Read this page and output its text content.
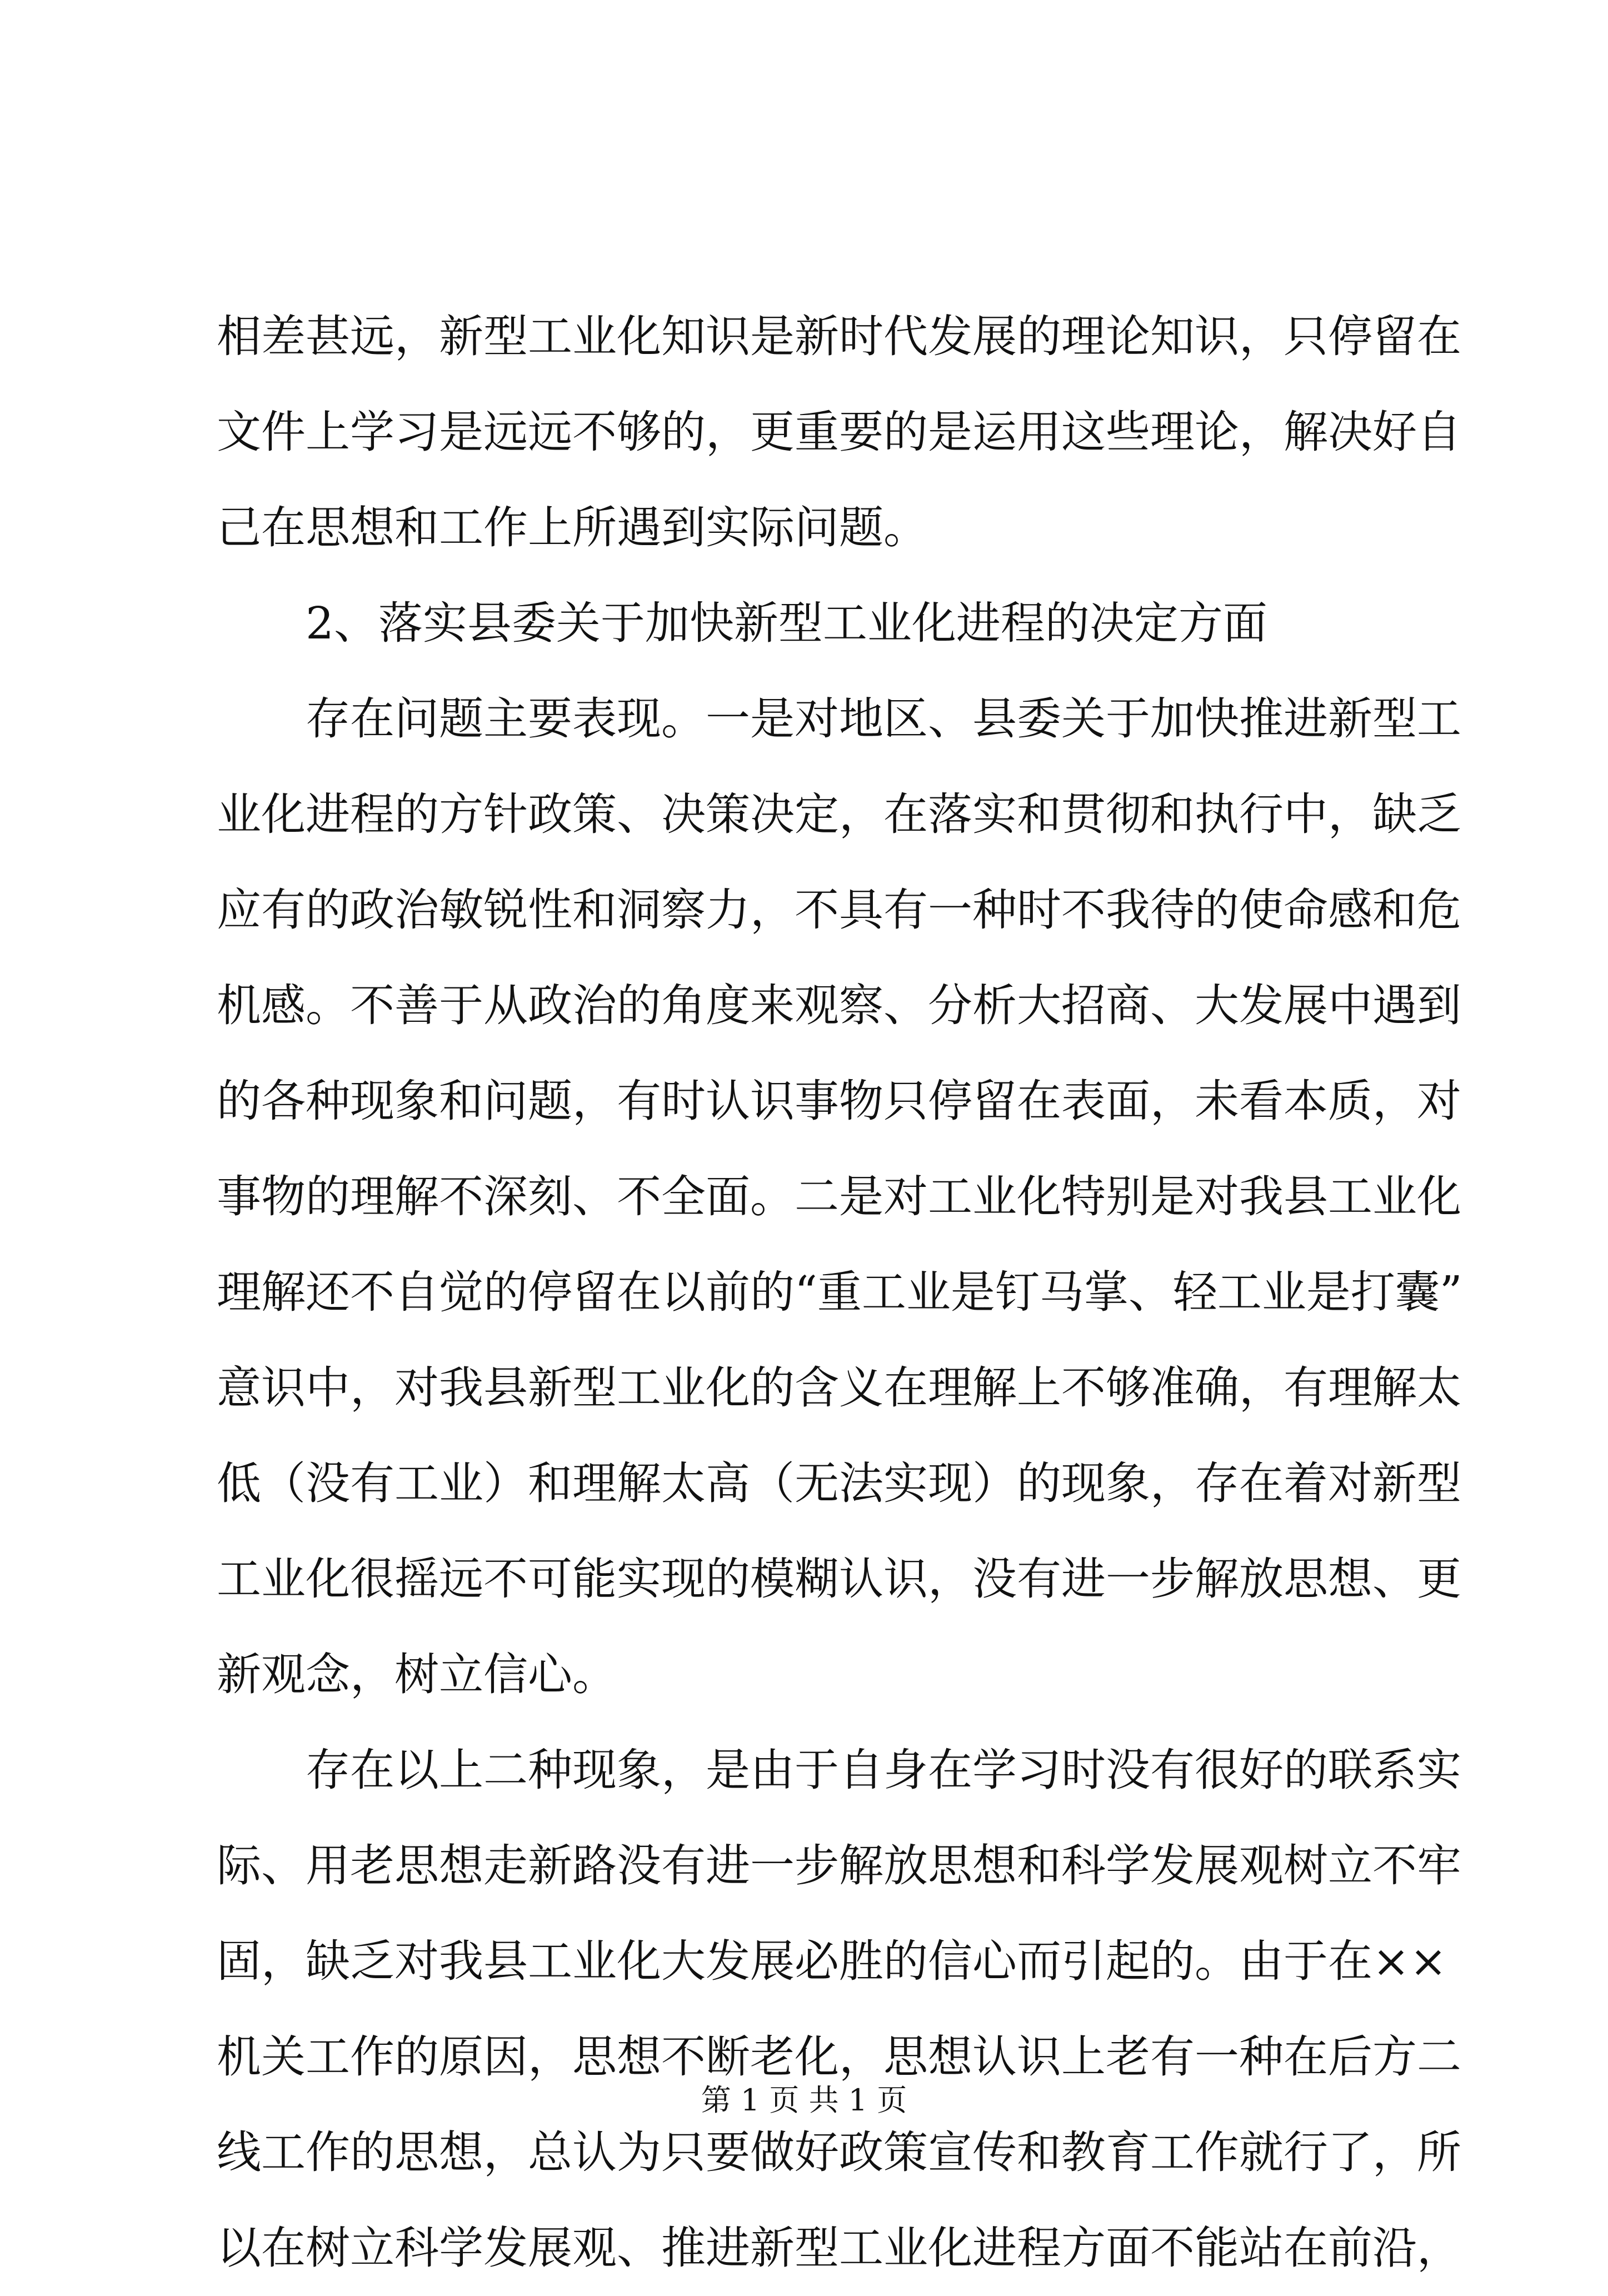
相差甚远，新型工业化知识是新时代发展的理论知识，只停留在
文件上学习是远远不够的，更重要的是运用这些理论，解决好自
己在思想和工作上所遇到实际问题。
2、落实县委关于加快新型工业化进程的决定方面
存在问题主要表现。一是对地区、县委关于加快推进新型工
业化进程的方针政策、决策决定，在落实和贯彻和执行中，缺乏
应有的政治敏锐性和洞察力，不具有一种时不我待的使命感和危
机感。不善于从政治的角度来观察、分析大招商、大发展中遇到
的各种现象和问题，有时认识事物只停留在表面，未看本质，对
事物的理解不深刻、不全面。二是对工业化特别是对我县工业化
理解还不自觉的停留在以前的“重工业是钉马掌、轻工业是打囊”
意识中，对我县新型工业化的含义在理解上不够准确，有理解太
低（没有工业）和理解太高（无法实现）的现象，存在着对新型
工业化很摇远不可能实现的模糊认识，没有进一步解放思想、更
新观念，树立信心。
存在以上二种现象，是由于自身在学习时没有很好的联系实
际、用老思想走新路没有进一步解放思想和科学发展观树立不牢
固，缺乏对我县工业化大发展必胜的信心而引起的。由于在××
机关工作的原因，思想不断老化，思想认识上老有一种在后方二
线工作的思想，总认为只要做好政策宣传和教育工作就行了，所
以在树立科学发展观、推进新型工业化进程方面不能站在前沿，
第 1 页 共 1 页
